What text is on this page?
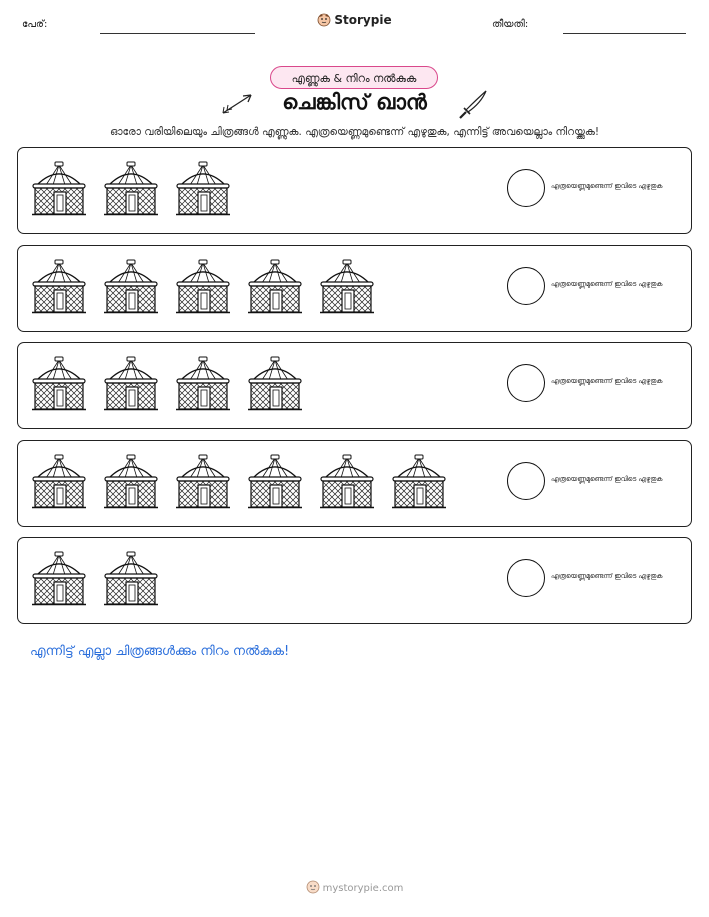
പേര്:	Storypie	തീയതി:
എണ്ണുക & നിറം നൽകുക
ചെങ്കിസ് ഖാൻ
ഓരോ വരിയിലെയും ചിത്രങ്ങൾ എണ്ണുക. എത്രയെണ്ണമുണ്ടെന്ന് എഴുതുക, എന്നിട്ട് അവയെല്ലാം നിറയ്ക്കുക!
എത്രയെണ്ണമുണ്ടെന്ന് ഇവിടെ എഴുതുക
എത്രയെണ്ണമുണ്ടെന്ന് ഇവിടെ എഴുതുക
എത്രയെണ്ണമുണ്ടെന്ന് ഇവിടെ എഴുതുക
എത്രയെണ്ണമുണ്ടെന്ന് ഇവിടെ എഴുതുക
എത്രയെണ്ണമുണ്ടെന്ന് ഇവിടെ എഴുതുക
എന്നിട്ട് എല്ലാ ചിത്രങ്ങൾക്കും നിറം നൽകുക!
mystorypie.com
